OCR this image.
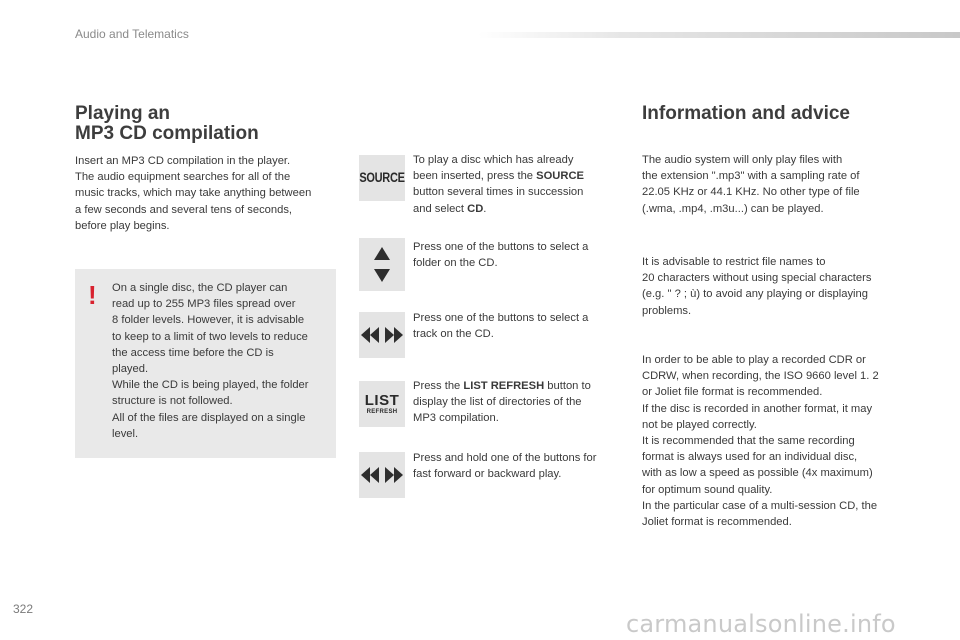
Audio and Telematics
Playing an
MP3 CD compilation

Insert an MP3 CD compilation in the player.

The audio equipment searches for all of the

music tracks, which may take anything between

a few seconds and several tens of seconds,

before play begins.

! On a single disc, the CD player can

read up to 255 MP3 files spread over

8 folder levels. However, it is advisable

to keep to a limit of two levels to reduce

the access time before the CD is

played.

While the CD is being played, the folder

structure is not followed.

All of the files are displayed on a single

level.

SOURCE
LIST
REFRESH
To play a disc which has already
been inserted, press the SOURCE
button several times in succession
and select CD.
Press one of the buttons to select a
folder on the CD.
Press one of the buttons to select a
track on the CD.
Press the LIST REFRESH button to
display the list of directories of the
MP3 compilation.
Press and hold one of the buttons for
fast forward or backward play.
Information and advice

The audio system will only play files with

the extension ".mp3" with a sampling rate of

22.05 KHz or 44.1 KHz. No other type of file

(.wma, .mp4, .m3u...) can be played.

It is advisable to restrict file names to

20 characters without using special characters

(e.g. " ? ; ù) to avoid any playing or displaying

problems.

In order to be able to play a recorded CDR or

CDRW, when recording, the ISO 9660 level 1. 2

or Joliet file format is recommended.

If the disc is recorded in another format, it may

not be played correctly.

It is recommended that the same recording

format is always used for an individual disc,

with as low a speed as possible (4x maximum)

for optimum sound quality.

In the particular case of a multi-session CD, the

Joliet format is recommended.

322
carmanualsonline.info
